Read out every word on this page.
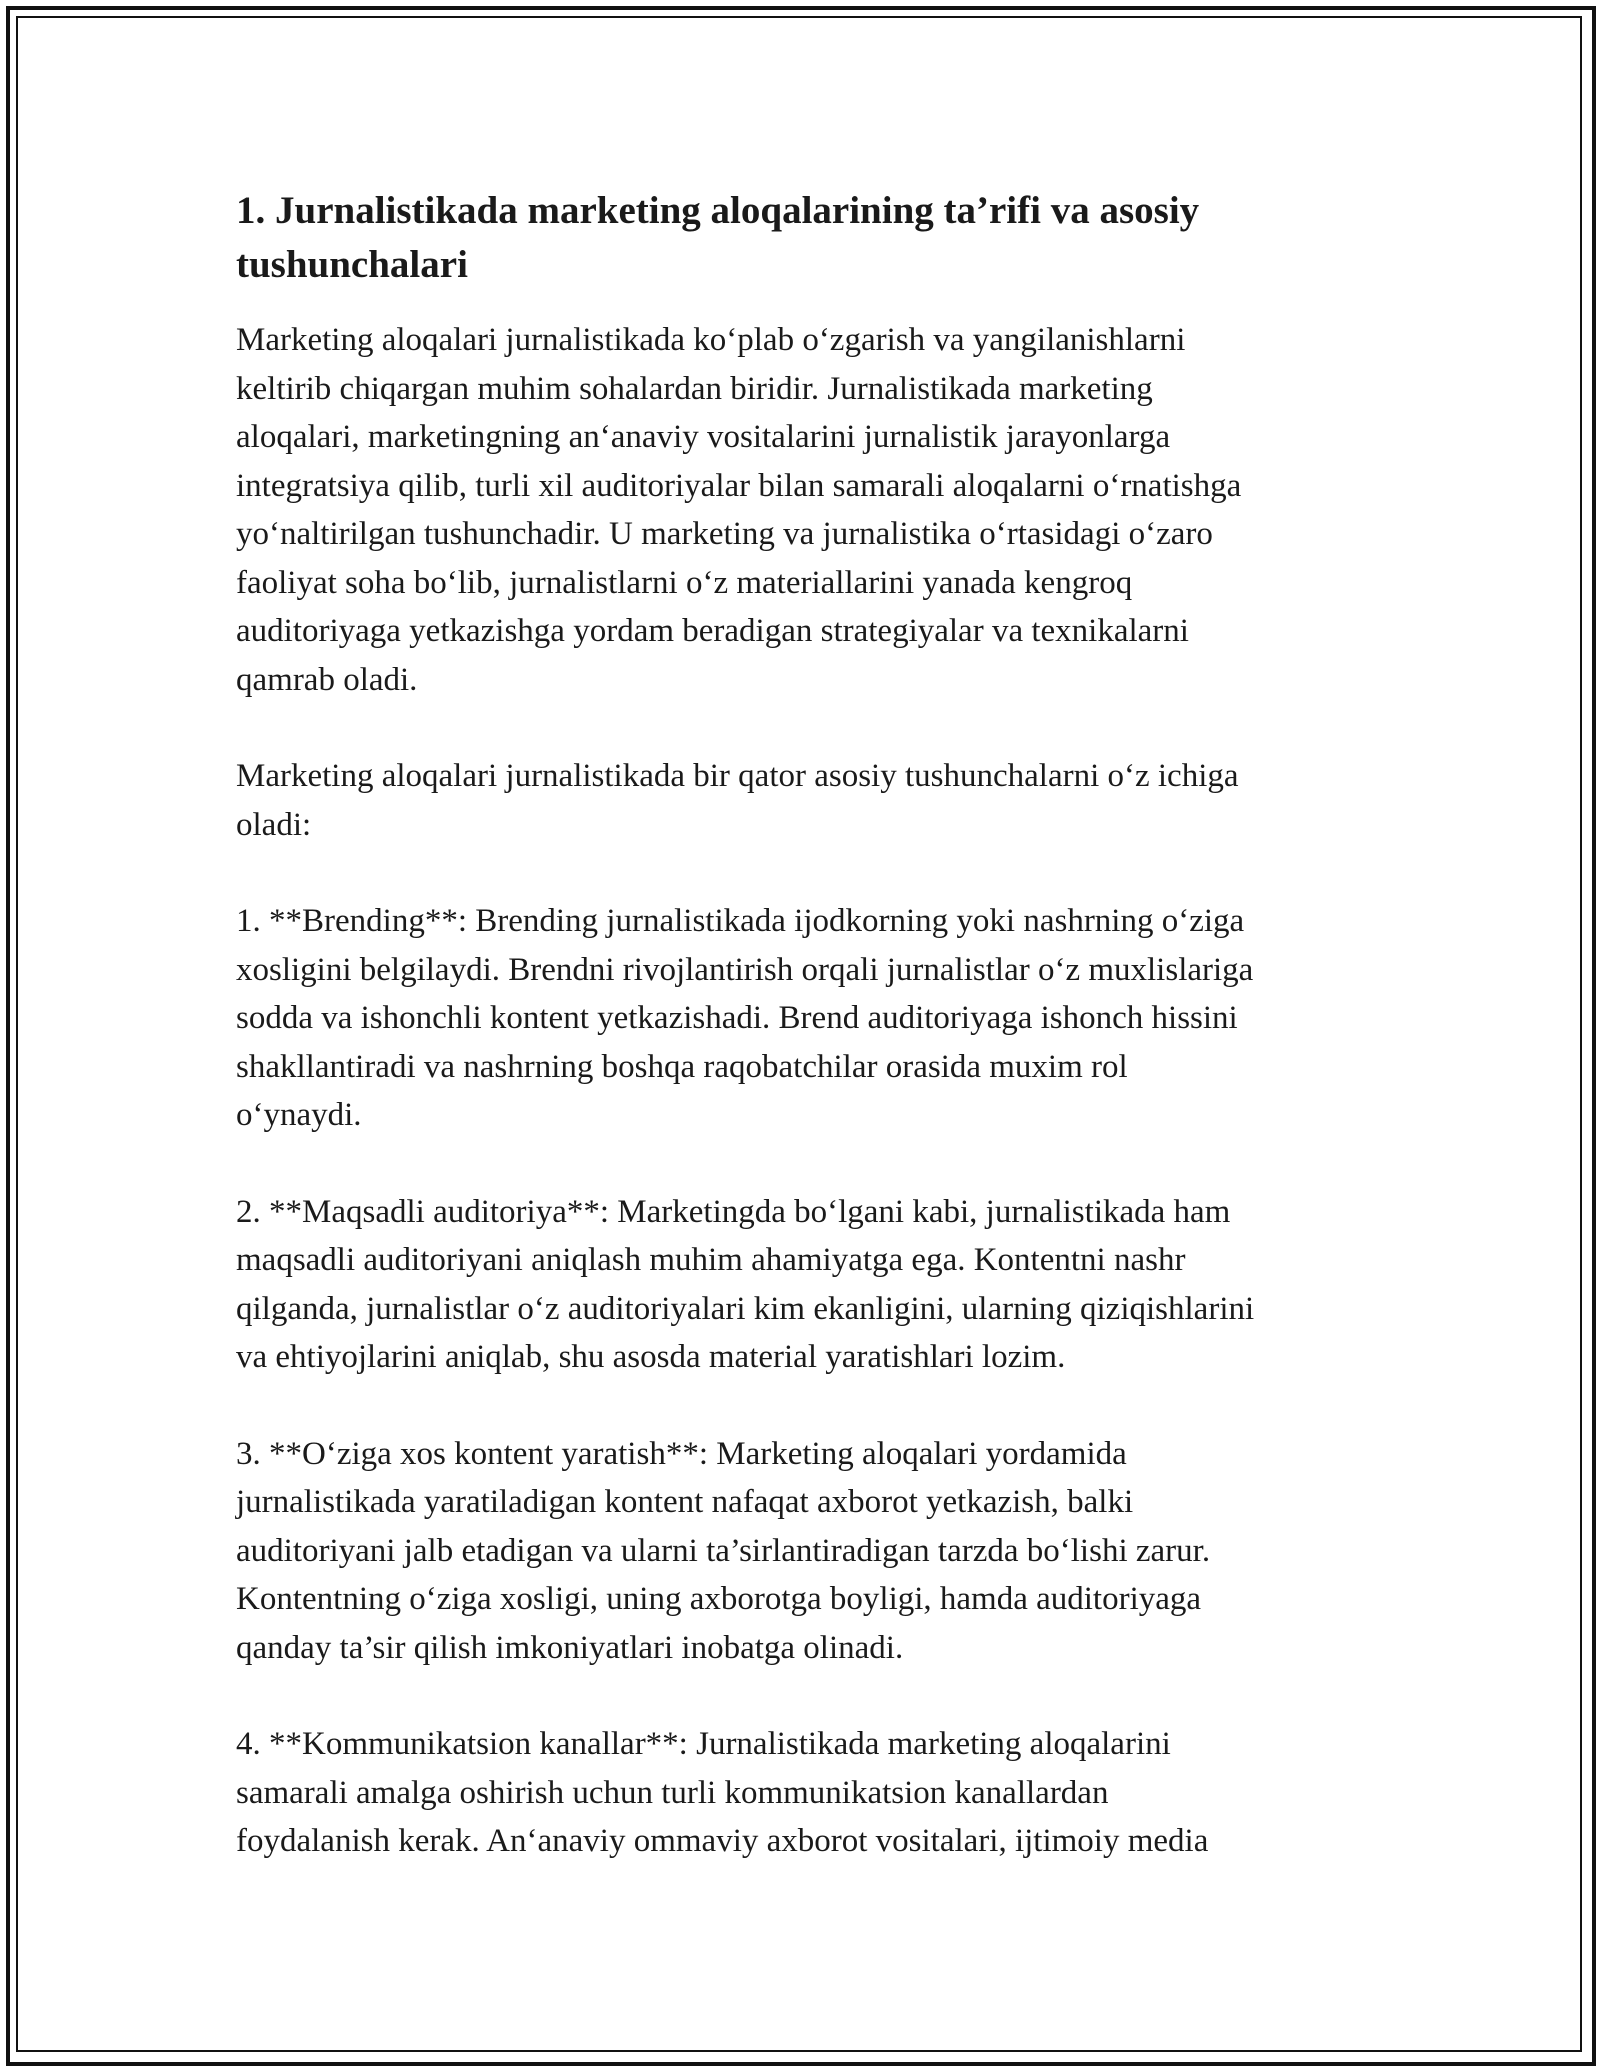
1. Jurnalistikada marketing aloqalarining ta’rifi va asosiy
tushunchalari

Marketing aloqalari jurnalistikada ko‘plab o‘zgarish va yangilanishlarni
keltirib chiqargan muhim sohalardan biridir. Jurnalistikada marketing
aloqalari, marketingning an‘anaviy vositalarini jurnalistik jarayonlarga
integratsiya qilib, turli xil auditoriyalar bilan samarali aloqalarni o‘rnatishga
yo‘naltirilgan tushunchadir. U marketing va jurnalistika o‘rtasidagi o‘zaro
faoliyat soha bo‘lib, jurnalistlarni o‘z materiallarini yanada kengroq
auditoriyaga yetkazishga yordam beradigan strategiyalar va texnikalarni
qamrab oladi.

Marketing aloqalari jurnalistikada bir qator asosiy tushunchalarni o‘z ichiga
oladi:

1. **Brending**: Brending jurnalistikada ijodkorning yoki nashrning o‘ziga
xosligini belgilaydi. Brendni rivojlantirish orqali jurnalistlar o‘z muxlislariga
sodda va ishonchli kontent yetkazishadi. Brend auditoriyaga ishonch hissini
shakllantiradi va nashrning boshqa raqobatchilar orasida muxim rol
o‘ynaydi.

2. **Maqsadli auditoriya**: Marketingda bo‘lgani kabi, jurnalistikada ham
maqsadli auditoriyani aniqlash muhim ahamiyatga ega. Kontentni nashr
qilganda, jurnalistlar o‘z auditoriyalari kim ekanligini, ularning qiziqishlarini
va ehtiyojlarini aniqlab, shu asosda material yaratishlari lozim.

3. **O‘ziga xos kontent yaratish**: Marketing aloqalari yordamida
jurnalistikada yaratiladigan kontent nafaqat axborot yetkazish, balki
auditoriyani jalb etadigan va ularni ta’sirlantiradigan tarzda bo‘lishi zarur.
Kontentning o‘ziga xosligi, uning axborotga boyligi, hamda auditoriyaga
qanday ta’sir qilish imkoniyatlari inobatga olinadi.

4. **Kommunikatsion kanallar**: Jurnalistikada marketing aloqalarini
samarali amalga oshirish uchun turli kommunikatsion kanallardan
foydalanish kerak. An‘anaviy ommaviy axborot vositalari, ijtimoiy media
